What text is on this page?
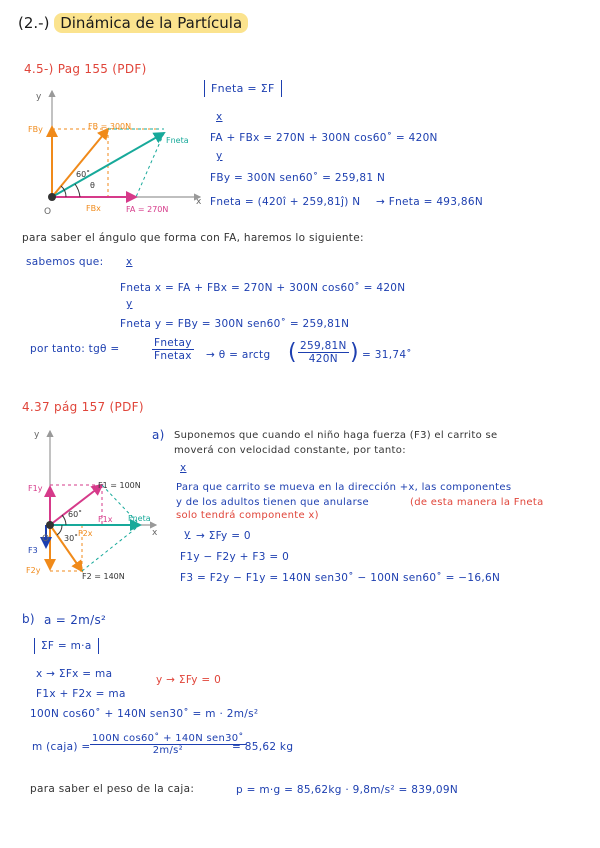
(2.-) Dinámica de la Partícula
4.5-) Pag 155 (PDF)
y
x
O
FBy	FB = 300N
FBx	FA = 270N
Fneta
60˚
θ
Fneta = ΣF
x
FA + FBx = 270N + 300N cos60˚ = 420N
y
FBy = 300N sen60˚ = 259,81 N
Fneta = (420î + 259,81ĵ) N → Fneta = 493,86N
para saber el ángulo que forma con FA, haremos lo siguiente:
sabemos que: x
Fneta x = FA + FBx = 270N + 300N cos60˚ = 420N
y
Fneta y = FBy = 300N sen60˚ = 259,81N
por tanto: tgθ =	Fnetay
Fnetax → θ = arctg ( $\frac{259,81N}{420N}$ ) = 31,74˚
4.37 pág 157 (PDF)
y
x
O
F1y	F1 = 100N
F1x
F2x
F2y
F2 = 140N
F3
Fneta
60˚
30˚
a) Suponemos que cuando el niño haga fuerza (F3) el carrito se
moverá con velocidad constante, por tanto:
x
Para que carrito se mueva en la dirección +x, las componentes
y de los adultos tienen que anularse	(de esta manera la Fneta
solo tendrá componente x)
y → ΣFy = 0
F1y − F2y + F3 = 0
F3 = F2y − F1y = 140N sen30˚ − 100N sen60˚ = −16,6N
b) a = 2m/s²
ΣF = m·a
x → ΣFx = ma	y → ΣFy = 0
F1x + F2x = ma
100N cos60˚ + 140N sen30˚ = m · 2m/s²
m (caja) =
100N cos60˚ + 140N sen30˚
2m/s²	= 85,62 kg
para saber el peso de la caja:	p = m·g = 85,62kg · 9,8m/s² = 839,09N
